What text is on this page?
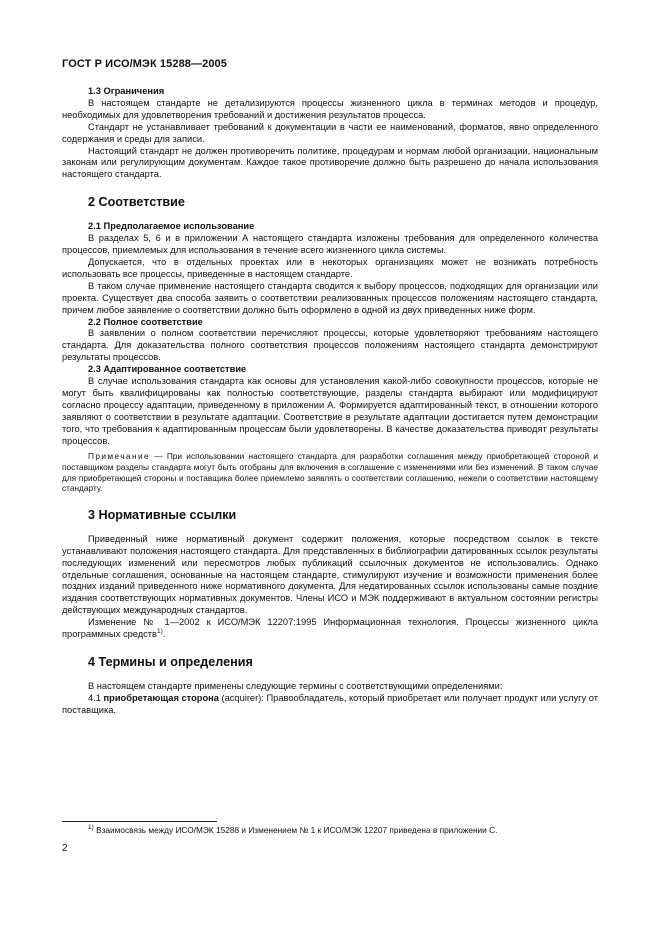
ГОСТ Р ИСО/МЭК 15288—2005
1.3 Ограничения

В настоящем стандарте не детализируются процессы жизненного цикла в терминах методов и процедур, необходимых для удовлетворения требований и достижения результатов процесса.

Стандарт не устанавливает требований к документации в части ее наименований, форматов, явно определенного содержания и среды для записи.

Настоящий стандарт не должен противоречить политике, процедурам и нормам любой организации, национальным законам или регулирующим документам. Каждое такое противоречие должно быть разрешено до начала использования настоящего стандарта.

2 Соответствие
2.1 Предполагаемое использование

В разделах 5, 6 и в приложении А настоящего стандарта изложены требования для определенного количества процессов, приемлемых для использования в течение всего жизненного цикла системы.

Допускается, что в отдельных проектах или в некоторых организациях может не возникать потребность использовать все процессы, приведенные в настоящем стандарте.

В таком случае применение настоящего стандарта сводится к выбору процессов, подходящих для организации или проекта. Существует два способа заявить о соответствии реализованных процессов положениям настоящего стандарта, причем любое заявление о соответствии должно быть оформлено в одной из двух приведенных ниже форм.

2.2 Полное соответствие

В заявлении о полном соответствии перечисляют процессы, которые удовлетворяют требованиям настоящего стандарта. Для доказательства полного соответствия процессов положениям настоящего стандарта демонстрируют результаты процессов.

2.3 Адаптированное соответствие

В случае использования стандарта как основы для установления какой-либо совокупности процессов, которые не могут быть квалифицированы как полностью соответствующие, разделы стандарта выбирают или модифицируют согласно процессу адаптации, приведенному в приложении А. Формируется адаптированный текст, в отношении которого заявляют о соответствии в результате адаптации. Соответствие в результате адаптации достигается путем демонстрации того, что требования к адаптированным процессам были удовлетворены. В качестве доказательства приводят результаты процессов.

Примечание — При использовании настоящего стандарта для разработки соглашения между приобретающей стороной и поставщиком разделы стандарта могут быть отобраны для включения в соглашение с изменениями или без изменений. В таком случае для приобретающей стороны и поставщика более приемлемо заявлять о соответствии соглашению, нежели о соответствии настоящему стандарту.

3 Нормативные ссылки

Приведенный ниже нормативный документ содержит положения, которые посредством ссылок в тексте устанавливают положения настоящего стандарта. Для представленных в библиографии датированных ссылок результаты последующих изменений или пересмотров любых публикаций ссылочных документов не использовались. Однако отдельные соглашения, основанные на настоящем стандарте, стимулируют изучение и возможности применения более поздних изданий приведенного ниже нормативного документа. Для недатированных ссылок использованы самые поздние издания соответствующих нормативных документов. Члены ИСО и МЭК поддерживают в актуальном состоянии регистры действующих международных стандартов.

Изменение № 1—2002 к ИСО/МЭК 12207:1995 Информационная технология. Процессы жизненного цикла программных средств$^{1)}$.

4 Термины и определения

В настоящем стандарте применены следующие термины с соответствующими определениями:

4.1 приобретающая сторона (acquirer): Правообладатель, который приобретает или получает продукт или услугу от поставщика.

$^{1)}$ Взаимосвязь между ИСО/МЭК 15288 и Изменением № 1 к ИСО/МЭК 12207 приведена в приложении С.
2
